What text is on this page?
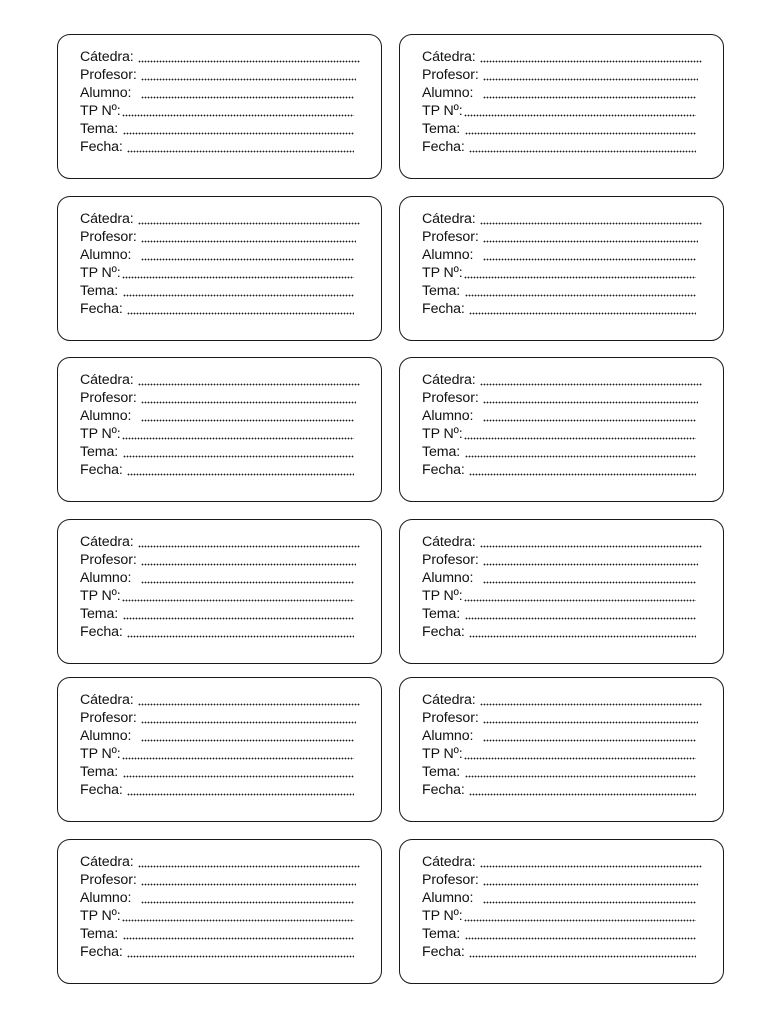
Cátedra:
Profesor:
Alumno:
TP Nº:
Tema:
Fecha:
Cátedra:
Profesor:
Alumno:
TP Nº:
Tema:
Fecha:
Cátedra:
Profesor:
Alumno:
TP Nº:
Tema:
Fecha:
Cátedra:
Profesor:
Alumno:
TP Nº:
Tema:
Fecha:
Cátedra:
Profesor:
Alumno:
TP Nº:
Tema:
Fecha:
Cátedra:
Profesor:
Alumno:
TP Nº:
Tema:
Fecha:
Cátedra:
Profesor:
Alumno:
TP Nº:
Tema:
Fecha:
Cátedra:
Profesor:
Alumno:
TP Nº:
Tema:
Fecha:
Cátedra:
Profesor:
Alumno:
TP Nº:
Tema:
Fecha:
Cátedra:
Profesor:
Alumno:
TP Nº:
Tema:
Fecha:
Cátedra:
Profesor:
Alumno:
TP Nº:
Tema:
Fecha:
Cátedra:
Profesor:
Alumno:
TP Nº:
Tema:
Fecha:
